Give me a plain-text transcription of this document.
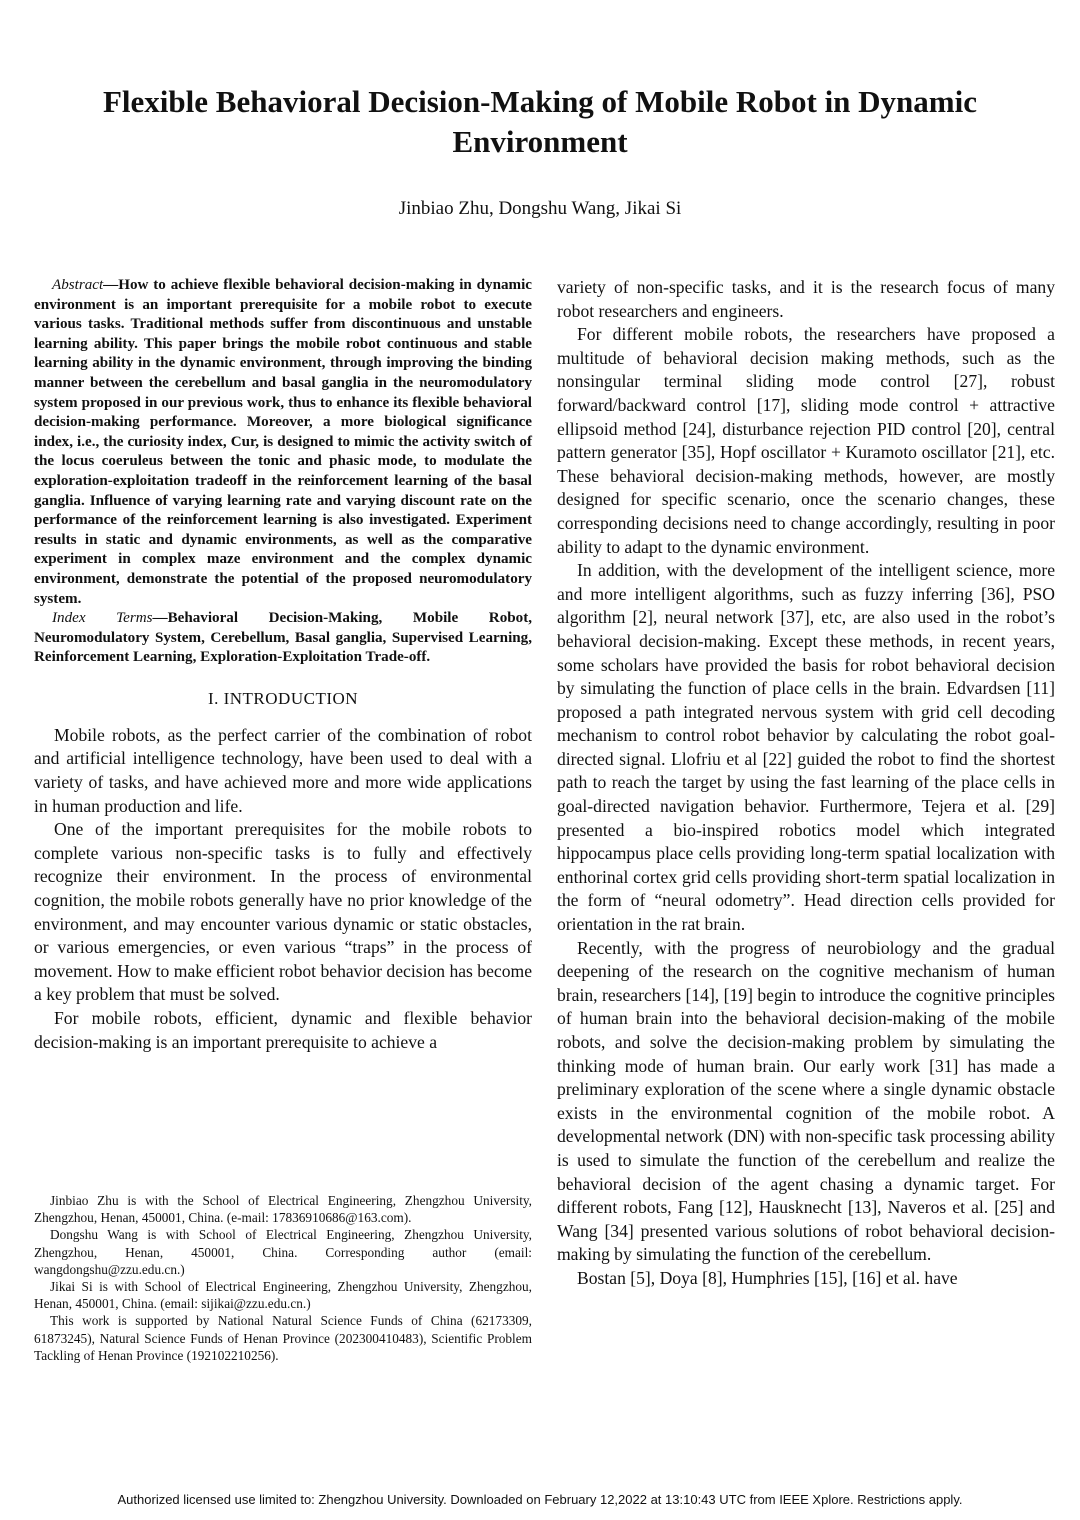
Flexible Behavioral Decision-Making of Mobile Robot in Dynamic Environment
Jinbiao Zhu, Dongshu Wang, Jikai Si

Abstract—How to achieve flexible behavioral decision-making in dynamic environment is an important prerequisite for a mobile robot to execute various tasks. Traditional methods suffer from discontinuous and unstable learning ability. This paper brings the mobile robot continuous and stable learning ability in the dynamic environment, through improving the binding manner between the cerebellum and basal ganglia in the neuromodulatory system proposed in our previous work, thus to enhance its flexible behavioral decision-making performance. Moreover, a more biological significance index, i.e., the curiosity index, Cur, is designed to mimic the activity switch of the locus coeruleus between the tonic and phasic mode, to modulate the exploration-exploitation tradeoff in the reinforcement learning of the basal ganglia. Influence of varying learning rate and varying discount rate on the performance of the reinforcement learning is also investigated. Experiment results in static and dynamic environments, as well as the comparative experiment in complex maze environment and the complex dynamic environment, demonstrate the potential of the proposed neuromodulatory system.

Index Terms—Behavioral Decision-Making, Mobile Robot, Neuromodulatory System, Cerebellum, Basal ganglia, Supervised Learning, Reinforcement Learning, Exploration-Exploitation Trade-off.

I. INTRODUCTION

Mobile robots, as the perfect carrier of the combination of robot and artificial intelligence technology, have been used to deal with a variety of tasks, and have achieved more and more wide applications in human production and life.

One of the important prerequisites for the mobile robots to complete various non-specific tasks is to fully and effectively recognize their environment. In the process of environmental cognition, the mobile robots generally have no prior knowledge of the environment, and may encounter various dynamic or static obstacles, or various emergencies, or even various “traps” in the process of movement. How to make efficient robot behavior decision has become a key problem that must be solved.

For mobile robots, efficient, dynamic and flexible behavior decision-making is an important prerequisite to achieve a

Jinbiao Zhu is with the School of Electrical Engineering, Zhengzhou University, Zhengzhou, Henan, 450001, China. (e-mail: 17836910686@163.com).

Dongshu Wang is with School of Electrical Engineering, Zhengzhou University, Zhengzhou, Henan, 450001, China. Corresponding author (email: wangdongshu@zzu.edu.cn.)

Jikai Si is with School of Electrical Engineering, Zhengzhou University, Zhengzhou, Henan, 450001, China. (email: sijikai@zzu.edu.cn.)

This work is supported by National Natural Science Funds of China (62173309, 61873245), Natural Science Funds of Henan Province (202300410483), Scientific Problem Tackling of Henan Province (192102210256).

variety of non-specific tasks, and it is the research focus of many robot researchers and engineers.

For different mobile robots, the researchers have proposed a multitude of behavioral decision making methods, such as the nonsingular terminal sliding mode control [27], robust forward/backward control [17], sliding mode control + attractive ellipsoid method [24], disturbance rejection PID control [20], central pattern generator [35], Hopf oscillator + Kuramoto oscillator [21], etc. These behavioral decision-making methods, however, are mostly designed for specific scenario, once the scenario changes, these corresponding decisions need to change accordingly, resulting in poor ability to adapt to the dynamic environment.

In addition, with the development of the intelligent science, more and more intelligent algorithms, such as fuzzy inferring [36], PSO algorithm [2], neural network [37], etc, are also used in the robot’s behavioral decision-making. Except these methods, in recent years, some scholars have provided the basis for robot behavioral decision by simulating the function of place cells in the brain. Edvardsen [11] proposed a path integrated nervous system with grid cell decoding mechanism to control robot behavior by calculating the robot goal-directed signal. Llofriu et al [22] guided the robot to find the shortest path to reach the target by using the fast learning of the place cells in goal-directed navigation behavior. Furthermore, Tejera et al. [29] presented a bio-inspired robotics model which integrated hippocampus place cells providing long-term spatial localization with enthorinal cortex grid cells providing short-term spatial localization in the form of “neural odometry”. Head direction cells provided for orientation in the rat brain.

Recently, with the progress of neurobiology and the gradual deepening of the research on the cognitive mechanism of human brain, researchers [14], [19] begin to introduce the cognitive principles of human brain into the behavioral decision-making of the mobile robots, and solve the decision-making problem by simulating the thinking mode of human brain. Our early work [31] has made a preliminary exploration of the scene where a single dynamic obstacle exists in the environmental cognition of the mobile robot. A developmental network (DN) with non-specific task processing ability is used to simulate the function of the cerebellum and realize the behavioral decision of the agent chasing a dynamic target. For different robots, Fang [12], Hausknecht [13], Naveros et al. [25] and Wang [34] presented various solutions of robot behavioral decision-making by simulating the function of the cerebellum.

Bostan [5], Doya [8], Humphries [15], [16] et al. have

Authorized licensed use limited to: Zhengzhou University. Downloaded on February 12,2022 at 13:10:43 UTC from IEEE Xplore. Restrictions apply.
